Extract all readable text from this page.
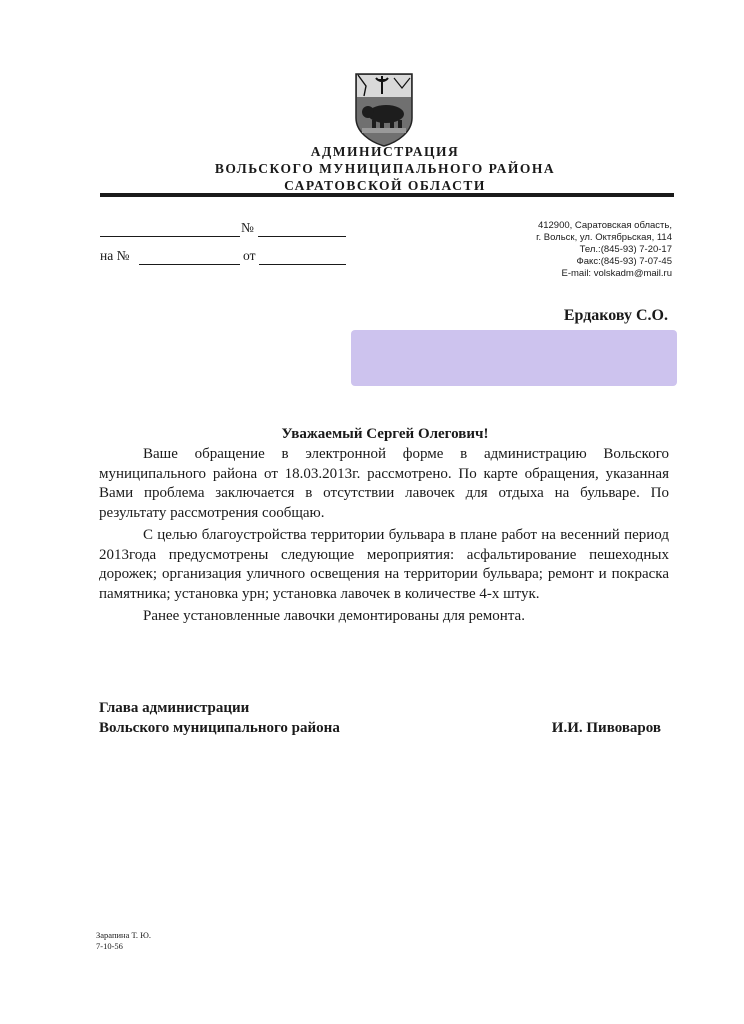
АДМИНИСТРАЦИЯ
ВОЛЬСКОГО МУНИЦИПАЛЬНОГО РАЙОНА
САРАТОВСКОЙ ОБЛАСТИ
№
на №	от
412900, Саратовская область,
г. Вольск, ул. Октябрьская, 114
Тел.:(845-93) 7-20-17
Факс:(845-93) 7-07-45
E-mail: volskadm@mail.ru
Ердакову С.О.
Уважаемый Сергей Олегович!

Ваше обращение в электронной форме в администрацию Вольского муниципального района от 18.03.2013г. рассмотрено. По карте обращения, указанная Вами проблема заключается в отсутствии лавочек для отдыха на бульваре. По результату рассмотрения сообщаю.

С целью благоустройства территории бульвара в плане работ на весенний период 2013года предусмотрены следующие мероприятия: асфальтирование пешеходных дорожек; организация уличного освещения на территории бульвара; ремонт и покраска памятника; установка урн; установка лавочек в количестве 4-х штук.

Ранее установленные лавочки демонтированы для ремонта.

Глава администрации
Вольского муниципального района	И.И. Пивоваров
Зарапина Т. Ю.
7-10-56
